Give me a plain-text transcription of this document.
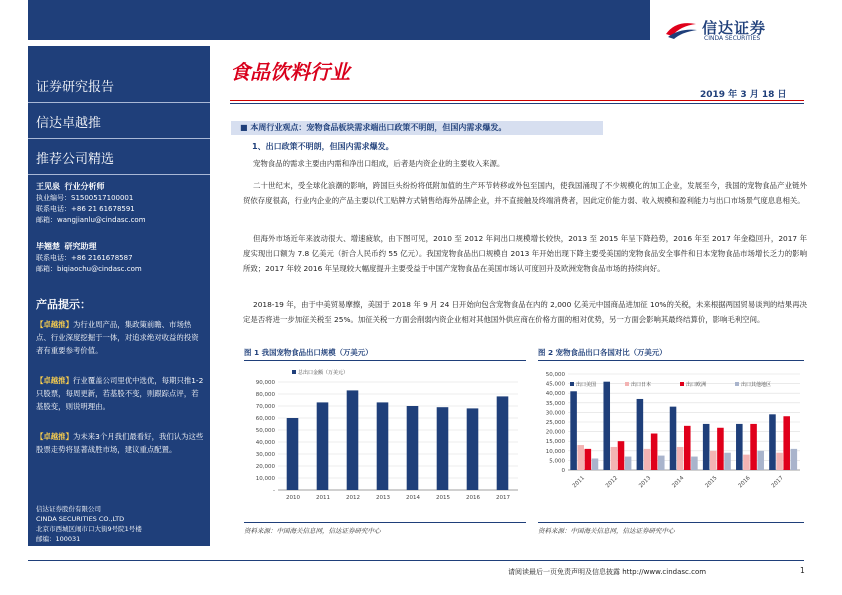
信达证券
CINDA SECURITIES
证券研究报告
信达卓越推
推荐公司精选
王见泉 行业分析师
执业编号：S1500517100001
联系电话：+86 21 61678591
邮箱：wangjianlu@cindasc.com
毕翘楚 研究助理
联系电话：+86 2161678587
邮箱：biqiaochu@cindasc.com
产品提示：
【卓越推】为行业周产品，集政策前瞻、市场热点、行业深度挖掘于一体，对追求绝对收益的投资者有重要参考价值。
【卓越推】行业覆盖公司里优中选优，每期只推1-2只股票，每周更新，若基股不变，则跟踪点评，若基股变，则说明理由。
【卓越推】为未来3个月我们最看好，我们认为这些股票走势将显著战胜市场，建议重点配置。
信达证券股份有限公司
CINDA SECURITIES CO.,LTD
北京市西城区闹市口大街9号院1号楼
邮编：100031
食品饮料行业
2019 年 3 月 18 日
■ 本周行业观点：宠物食品板块需求端出口政策不明朗，但国内需求爆发。
1、出口政策不明朗，但国内需求爆发。
宠物食品的需求主要由内需和净出口组成，后者是内资企业的主要收入来源。
二十世纪末，受全球化浪潮的影响，跨国巨头纷纷将低附加值的生产环节转移或外包至国内，使我国涌现了不少规模化的加工企业，发展至今，我国的宠物食品产业链外贸依存度很高，行业内企业的产品主要以代工贴牌方式销售给海外品牌企业，并不直接触及终端消费者，因此定价能力弱、收入规模和盈利能力与出口市场景气度息息相关。
但海外市场近年来波动很大、增速疲软，由下图可见，2010 至 2012 年间出口规模增长较快，2013 至 2015 年呈下降趋势，2016 年至 2017 年金稳回升，2017 年度实现出口额为 7.8 亿美元（折合人民币约 55 亿元）。我国宠物食品出口规模自 2013 年开始出现下降主要受美国的宠物食品安全事件和日本宠物食品市场增长乏力的影响所致；2017 年较 2016 年呈现较大幅度提升主要受益于中国产宠物食品在美国市场认可度回升及欧洲宠物食品市场的持续向好。
2018-19 年，由于中美贸易摩擦，美国于 2018 年 9 月 24 日开始向包含宠物食品在内的 2,000 亿美元中国商品进加征 10%的关税，未来根据两国贸易谈判的结果再决定是否将进一步加征关税至 25%。加征关税一方面会削弱内资企业相对其他国外供应商在价格方面的相对优势，另一方面会影响其最终结算价，影响毛利空间。
图 1 我国宠物食品出口规模（万美元）	图 2 宠物食品出口各国对比（万美元）
-
10,000
20,000
30,000
40,000
50,000
60,000
70,000
80,000
90,000
2010	2011	2012	2013	2014	2015	2016	2017
总出口金额（万美元）
0
5,000
10,000
15,000
20,000
25,000
30,000
35,000
40,000
45,000
50,000
2011	2012	2013	2014	2015	2016	2017
出口美国	出口日本	出口欧洲	出口其他地区
资料来源：中国海关信息网，信达证券研究中心	资料来源：中国海关信息网，信达证券研究中心
请阅读最后一页免责声明及信息披露 http://www.cindasc.com	1
